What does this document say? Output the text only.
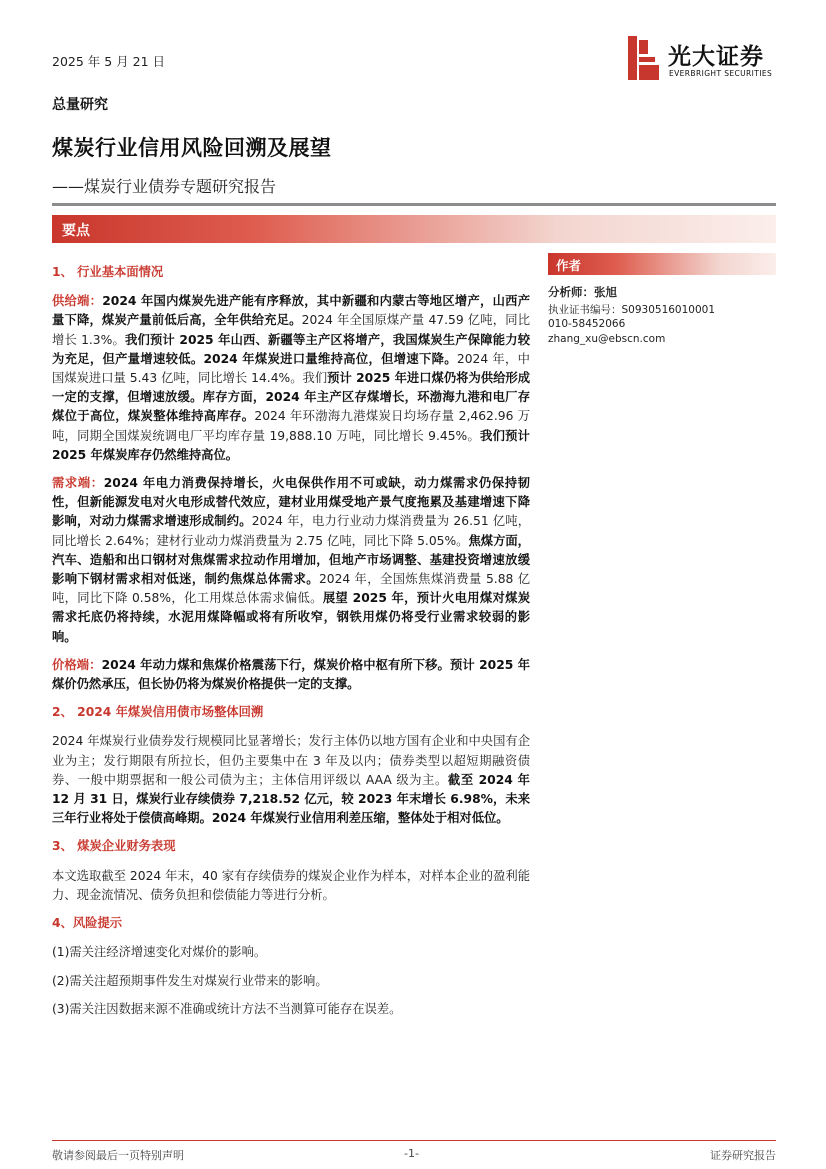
2025 年 5 月 21 日	光大证券
EVERBRIGHT SECURITIES
总量研究
煤炭行业信用风险回溯及展望
——煤炭行业债券专题研究报告
要点

1、 行业基本面情况

供给端：2024 年国内煤炭先进产能有序释放，其中新疆和内蒙古等地区增产，山西产量下降，煤炭产量前低后高，全年供给充足。2024 年全国原煤产量 47.59 亿吨，同比增长 1.3%。我们预计 2025 年山西、新疆等主产区将增产，我国煤炭生产保障能力较为充足，但产量增速较低。2024 年煤炭进口量维持高位，但增速下降。2024 年，中国煤炭进口量 5.43 亿吨，同比增长 14.4%。我们预计 2025 年进口煤仍将为供给形成一定的支撑，但增速放缓。库存方面，2024 年主产区存煤增长，环渤海九港和电厂存煤位于高位，煤炭整体维持高库存。2024 年环渤海九港煤炭日均场存量 2,462.96 万吨，同期全国煤炭统调电厂平均库存量 19,888.10 万吨，同比增长 9.45%。我们预计 2025 年煤炭库存仍然维持高位。

需求端：2024 年电力消费保持增长，火电保供作用不可或缺，动力煤需求仍保持韧性，但新能源发电对火电形成替代效应，建材业用煤受地产景气度拖累及基建增速下降影响，对动力煤需求增速形成制约。2024 年，电力行业动力煤消费量为 26.51 亿吨，同比增长 2.64%；建材行业动力煤消费量为 2.75 亿吨，同比下降 5.05%。焦煤方面，汽车、造船和出口钢材对焦煤需求拉动作用增加，但地产市场调整、基建投资增速放缓影响下钢材需求相对低迷，制约焦煤总体需求。2024 年，全国炼焦煤消费量 5.88 亿吨，同比下降 0.58%，化工用煤总体需求偏低。展望 2025 年，预计火电用煤对煤炭需求托底仍将持续，水泥用煤降幅或将有所收窄，钢铁用煤仍将受行业需求较弱的影响。

价格端：2024 年动力煤和焦煤价格震荡下行，煤炭价格中枢有所下移。预计 2025 年煤价仍然承压，但长协仍将为煤炭价格提供一定的支撑。

2、 2024 年煤炭信用债市场整体回溯

2024 年煤炭行业债券发行规模同比显著增长；发行主体仍以地方国有企业和中央国有企业为主；发行期限有所拉长，但仍主要集中在 3 年及以内；债券类型以超短期融资债券、一般中期票据和一般公司债为主；主体信用评级以 AAA 级为主。截至 2024 年 12 月 31 日，煤炭行业存续债券 7,218.52 亿元，较 2023 年末增长 6.98%，未来三年行业将处于偿债高峰期。2024 年煤炭行业信用利差压缩，整体处于相对低位。

3、 煤炭企业财务表现

本文选取截至 2024 年末，40 家有存续债券的煤炭企业作为样本，对样本企业的盈利能力、现金流情况、债务负担和偿债能力等进行分析。

4、风险提示

(1)需关注经济增速变化对煤价的影响。

(2)需关注超预期事件发生对煤炭行业带来的影响。

(3)需关注因数据来源不准确或统计方法不当测算可能存在误差。

作者
分析师：张旭
执业证书编号：S0930516010001
010-58452066
zhang_xu@ebscn.com
敬请参阅最后一页特别声明	-1-	证券研究报告
